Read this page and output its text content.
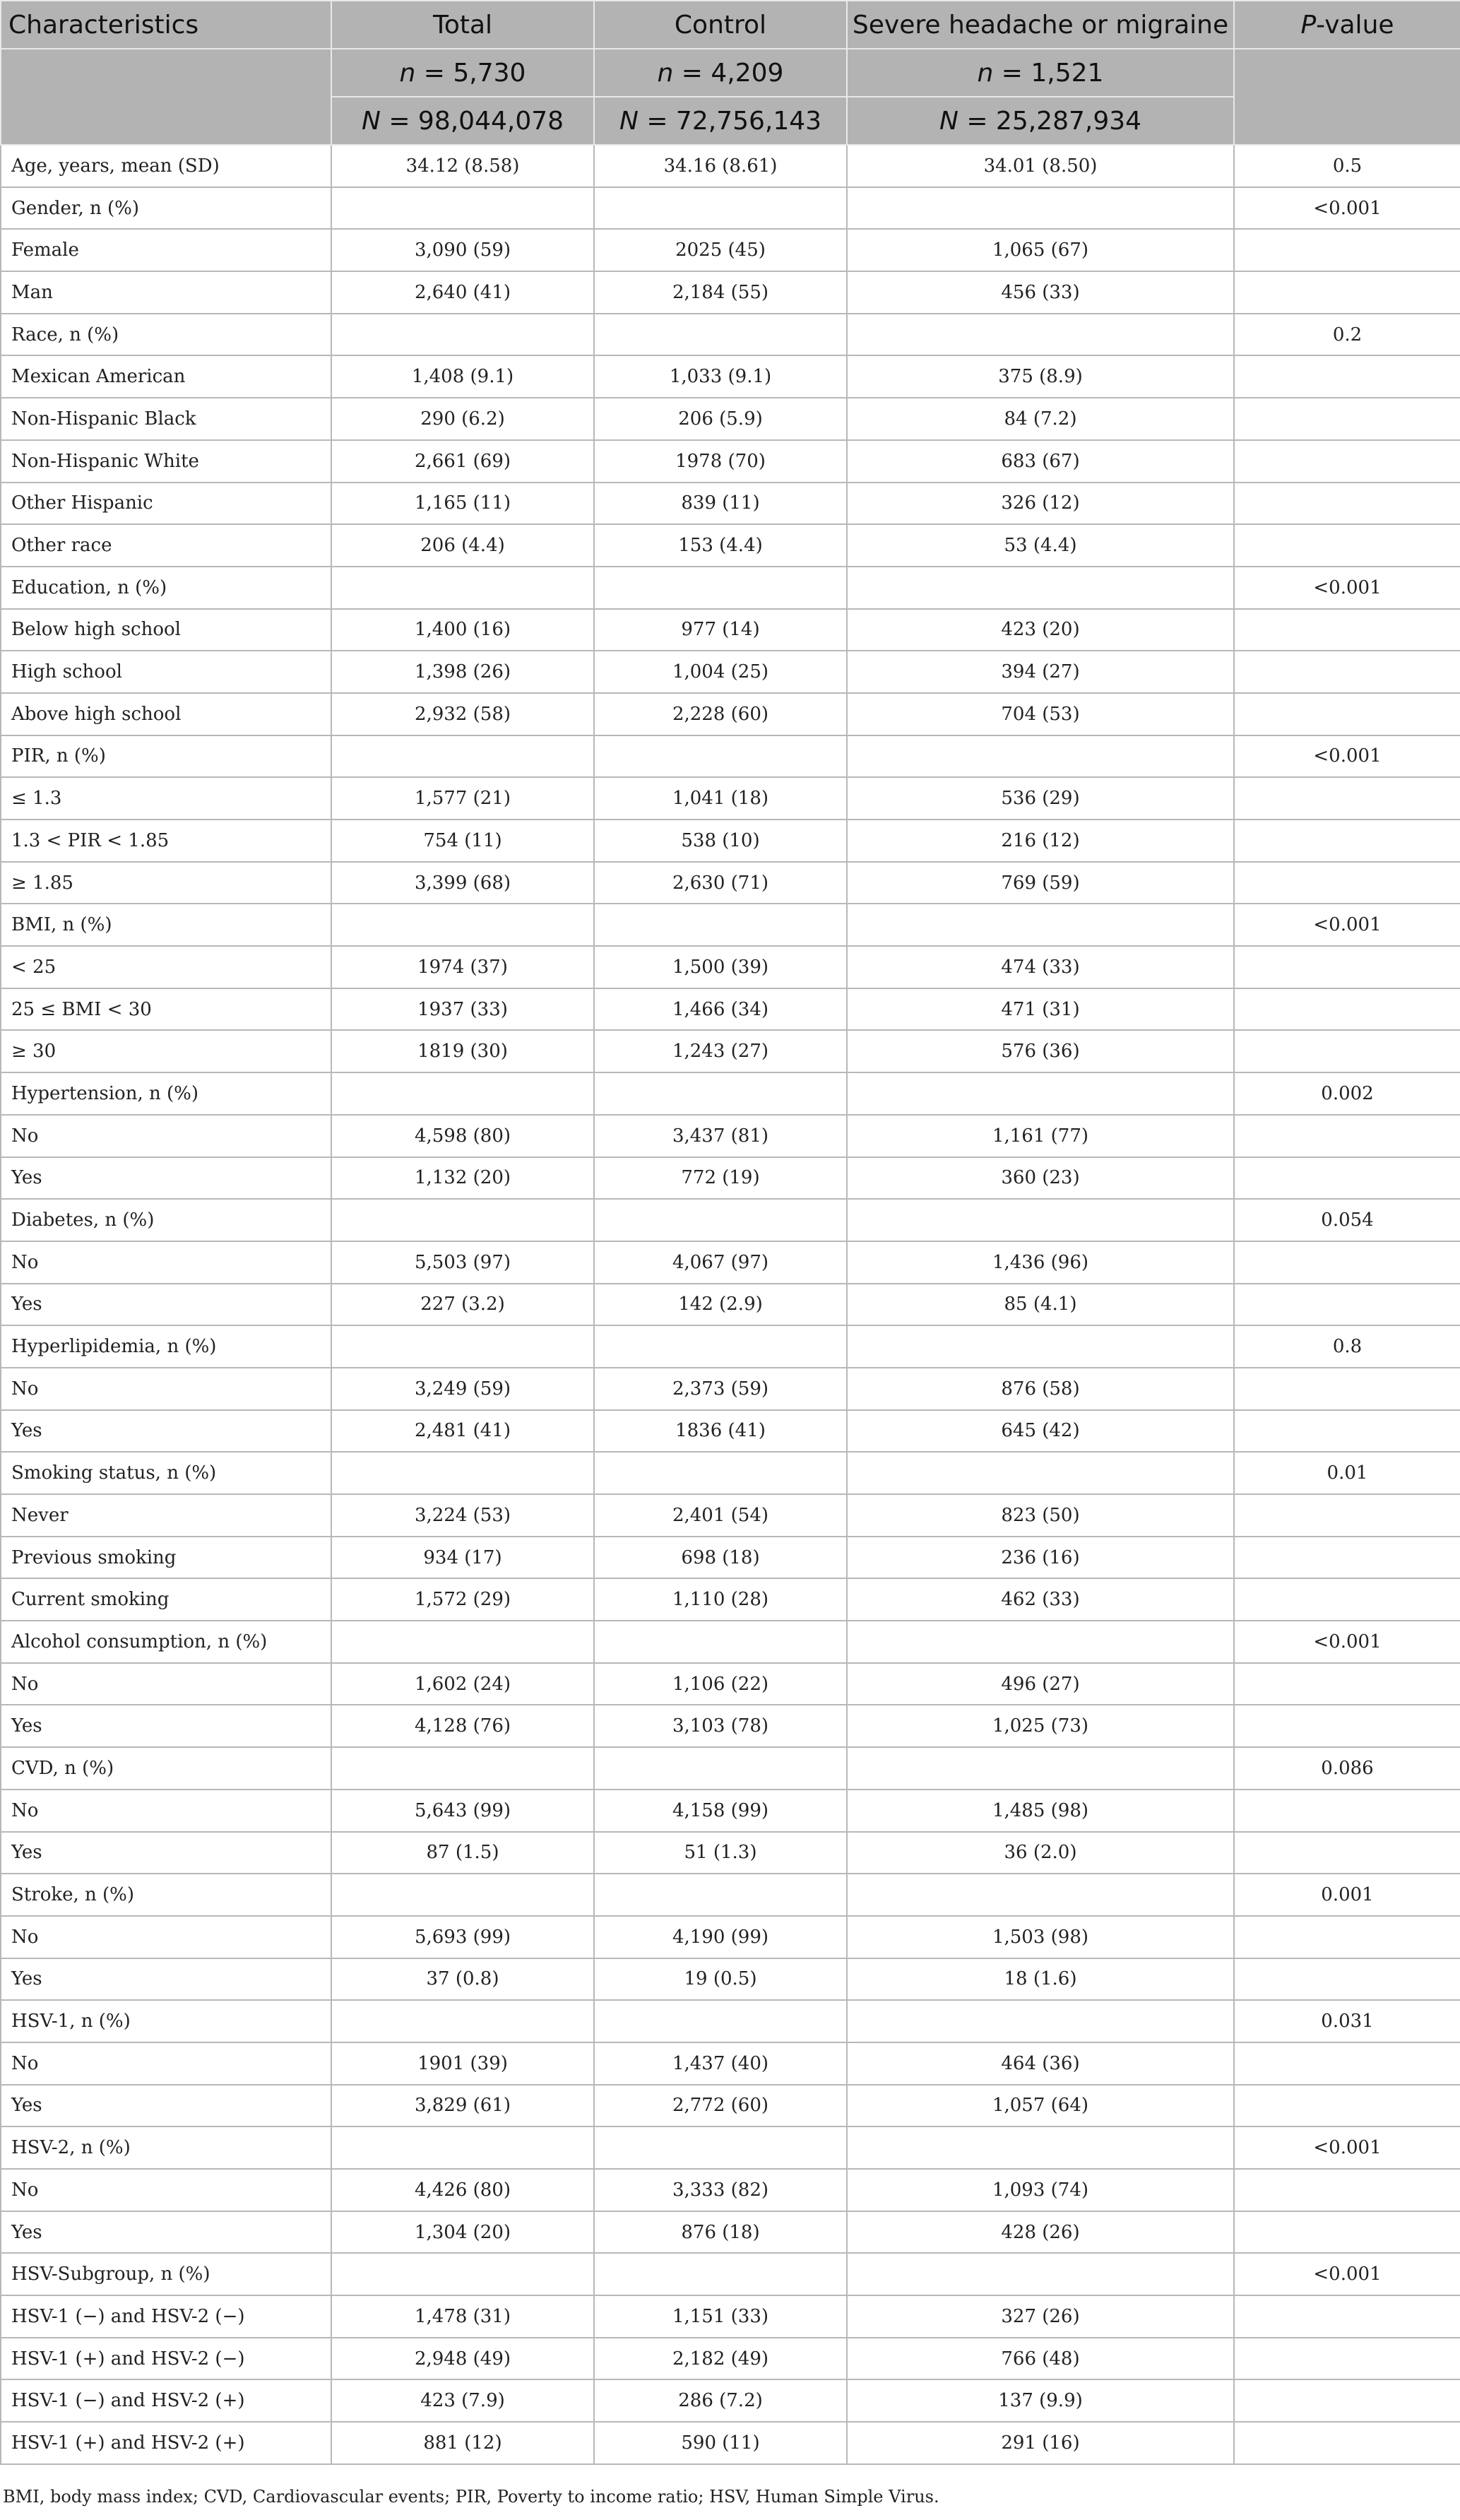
Characteristics	Total	Control	Severe headache or migraine	P-value
	n = 5,730	n = 4,209	n = 1,521	
	N = 98,044,078	N = 72,756,143	N = 25,287,934	
Age, years, mean (SD)	34.12 (8.58)	34.16 (8.61)	34.01 (8.50)	0.5
Gender, n (%)				<0.001
Female	3,090 (59)	2025 (45)	1,065 (67)	
Man	2,640 (41)	2,184 (55)	456 (33)	
Race, n (%)				0.2
Mexican American	1,408 (9.1)	1,033 (9.1)	375 (8.9)	
Non-Hispanic Black	290 (6.2)	206 (5.9)	84 (7.2)	
Non-Hispanic White	2,661 (69)	1978 (70)	683 (67)	
Other Hispanic	1,165 (11)	839 (11)	326 (12)	
Other race	206 (4.4)	153 (4.4)	53 (4.4)	
Education, n (%)				<0.001
Below high school	1,400 (16)	977 (14)	423 (20)	
High school	1,398 (26)	1,004 (25)	394 (27)	
Above high school	2,932 (58)	2,228 (60)	704 (53)	
PIR, n (%)				<0.001
≤ 1.3	1,577 (21)	1,041 (18)	536 (29)	
1.3 < PIR < 1.85	754 (11)	538 (10)	216 (12)	
≥ 1.85	3,399 (68)	2,630 (71)	769 (59)	
BMI, n (%)				<0.001
< 25	1974 (37)	1,500 (39)	474 (33)	
25 ≤ BMI < 30	1937 (33)	1,466 (34)	471 (31)	
≥ 30	1819 (30)	1,243 (27)	576 (36)	
Hypertension, n (%)				0.002
No	4,598 (80)	3,437 (81)	1,161 (77)	
Yes	1,132 (20)	772 (19)	360 (23)	
Diabetes, n (%)				0.054
No	5,503 (97)	4,067 (97)	1,436 (96)	
Yes	227 (3.2)	142 (2.9)	85 (4.1)	
Hyperlipidemia, n (%)				0.8
No	3,249 (59)	2,373 (59)	876 (58)	
Yes	2,481 (41)	1836 (41)	645 (42)	
Smoking status, n (%)				0.01
Never	3,224 (53)	2,401 (54)	823 (50)	
Previous smoking	934 (17)	698 (18)	236 (16)	
Current smoking	1,572 (29)	1,110 (28)	462 (33)	
Alcohol consumption, n (%)				<0.001
No	1,602 (24)	1,106 (22)	496 (27)	
Yes	4,128 (76)	3,103 (78)	1,025 (73)	
CVD, n (%)				0.086
No	5,643 (99)	4,158 (99)	1,485 (98)	
Yes	87 (1.5)	51 (1.3)	36 (2.0)	
Stroke, n (%)				0.001
No	5,693 (99)	4,190 (99)	1,503 (98)	
Yes	37 (0.8)	19 (0.5)	18 (1.6)	
HSV-1, n (%)				0.031
No	1901 (39)	1,437 (40)	464 (36)	
Yes	3,829 (61)	2,772 (60)	1,057 (64)	
HSV-2, n (%)				<0.001
No	4,426 (80)	3,333 (82)	1,093 (74)	
Yes	1,304 (20)	876 (18)	428 (26)	
HSV-Subgroup, n (%)				<0.001
HSV-1 (−) and HSV-2 (−)	1,478 (31)	1,151 (33)	327 (26)	
HSV-1 (+) and HSV-2 (−)	2,948 (49)	2,182 (49)	766 (48)	
HSV-1 (−) and HSV-2 (+)	423 (7.9)	286 (7.2)	137 (9.9)	
HSV-1 (+) and HSV-2 (+)	881 (12)	590 (11)	291 (16)	
BMI, body mass index; CVD, Cardiovascular events; PIR, Poverty to income ratio; HSV, Human Simple Virus.
